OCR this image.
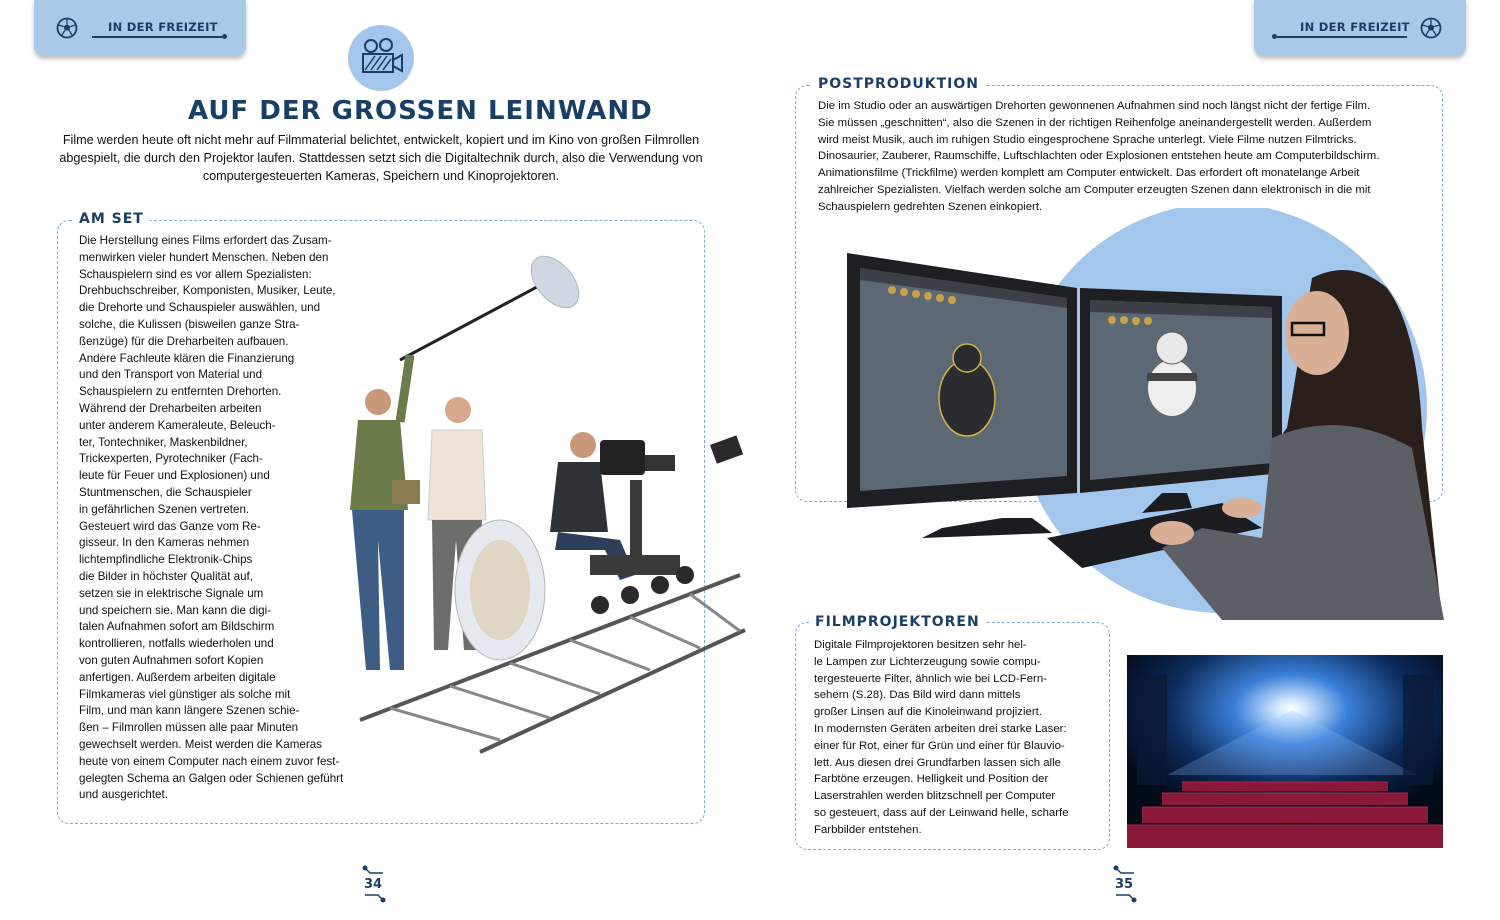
IN DER FREIZEIT	IN DER FREIZEIT
AUF DER GROSSEN LEINWAND
Filme werden heute oft nicht mehr auf Filmmaterial belichtet, entwickelt, kopiert und im Kino von großen Filmrollen abgespielt, die durch den Projektor laufen. Stattdessen setzt sich die Digitaltechnik durch, also die Verwendung von computergesteuerten Kameras, Speichern und Kinoprojektoren.
AM SET
Die Herstellung eines Films erfordert das Zusam-
menwirken vieler hundert Menschen. Neben den
Schauspielern sind es vor allem Spezialisten:
Drehbuchschreiber, Komponisten, Musiker, Leute,
die Drehorte und Schauspieler auswählen, und
solche, die Kulissen (bisweilen ganze Stra-
ßenzüge) für die Dreharbeiten aufbauen.
Andere Fachleute klären die Finanzierung
und den Transport von Material und
Schauspielern zu entfernten Drehorten.
Während der Dreharbeiten arbeiten
unter anderem Kameraleute, Beleuch-
ter, Tontechniker, Maskenbildner,
Trickexperten, Pyrotechniker (Fach-
leute für Feuer und Explosionen) und
Stuntmenschen, die Schauspieler
in gefährlichen Szenen vertreten.
Gesteuert wird das Ganze vom Re-
gisseur. In den Kameras nehmen
lichtempfindliche Elektronik-Chips
die Bilder in höchster Qualität auf,
setzen sie in elektrische Signale um
und speichern sie. Man kann die digi-
talen Aufnahmen sofort am Bildschirm
kontrollieren, notfalls wiederholen und
von guten Aufnahmen sofort Kopien
anfertigen. Außerdem arbeiten digitale
Filmkameras viel günstiger als solche mit
Film, und man kann längere Szenen schie-
ßen – Filmrollen müssen alle paar Minuten
gewechselt werden. Meist werden die Kameras
heute von einem Computer nach einem zuvor fest-
gelegten Schema an Galgen oder Schienen geführt
und ausgerichtet.
POSTPRODUKTION
Die im Studio oder an auswärtigen Drehorten gewonnenen Aufnahmen sind noch längst nicht der fertige Film.
Sie müssen „geschnitten“, also die Szenen in der richtigen Reihenfolge aneinandergestellt werden. Außerdem
wird meist Musik, auch im ruhigen Studio eingesprochene Sprache unterlegt. Viele Filme nutzen Filmtricks.
Dinosaurier, Zauberer, Raumschiffe, Luftschlachten oder Explosionen entstehen heute am Computerbildschirm.
Animationsfilme (Trickfilme) werden komplett am Computer entwickelt. Das erfordert oft monatelange Arbeit
zahlreicher Spezialisten. Vielfach werden solche am Computer erzeugten Szenen dann elektronisch in die mit
Schauspielern gedrehten Szenen einkopiert.
FILMPROJEKTOREN
Digitale Filmprojektoren besitzen sehr hel-
le Lampen zur Lichterzeugung sowie compu-
tergesteuerte Filter, ähnlich wie bei LCD-Fern-
sehern (S.28). Das Bild wird dann mittels
großer Linsen auf die Kinoleinwand projiziert.
In modernsten Geräten arbeiten drei starke Laser:
einer für Rot, einer für Grün und einer für Blauvio-
lett. Aus diesen drei Grundfarben lassen sich alle
Farbtöne erzeugen. Helligkeit und Position der
Laserstrahlen werden blitzschnell per Computer
so gesteuert, dass auf der Leinwand helle, scharfe
Farbbilder entstehen.
34	35
